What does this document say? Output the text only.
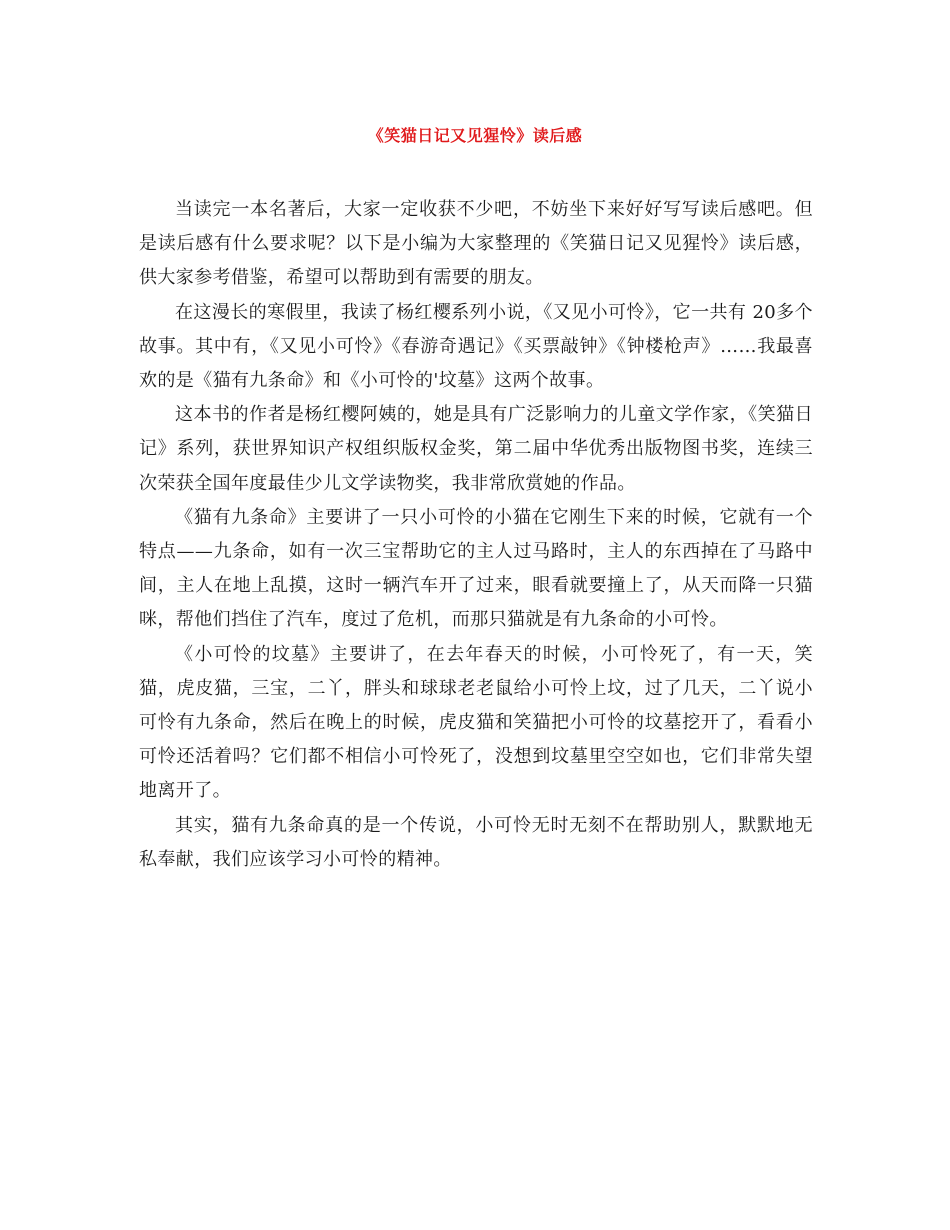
《笑猫日记又见猩怜》读后感

当读完一本名著后，大家一定收获不少吧，不妨坐下来好好写写读后感吧。但是读后感有什么要求呢？以下是小编为大家整理的《笑猫日记又见猩怜》读后感，供大家参考借鉴，希望可以帮助到有需要的朋友。

在这漫长的寒假里，我读了杨红樱系列小说，《又见小可怜》，它一共有 20多个故事。其中有，《又见小可怜》《春游奇遇记》《买票敲钟》《钟楼枪声》……我最喜欢的是《猫有九条命》和《小可怜的'坟墓》这两个故事。

这本书的作者是杨红樱阿姨的，她是具有广泛影响力的儿童文学作家，《笑猫日记》系列，获世界知识产权组织版权金奖，第二届中华优秀出版物图书奖，连续三次荣获全国年度最佳少儿文学读物奖，我非常欣赏她的作品。

《猫有九条命》主要讲了一只小可怜的小猫在它刚生下来的时候，它就有一个特点——九条命，如有一次三宝帮助它的主人过马路时，主人的东西掉在了马路中间，主人在地上乱摸，这时一辆汽车开了过来，眼看就要撞上了，从天而降一只猫咪，帮他们挡住了汽车，度过了危机，而那只猫就是有九条命的小可怜。

《小可怜的坟墓》主要讲了，在去年春天的时候，小可怜死了，有一天，笑猫，虎皮猫，三宝，二丫，胖头和球球老老鼠给小可怜上坟，过了几天，二丫说小可怜有九条命，然后在晚上的时候，虎皮猫和笑猫把小可怜的坟墓挖开了，看看小可怜还活着吗？它们都不相信小可怜死了，没想到坟墓里空空如也，它们非常失望地离开了。

其实，猫有九条命真的是一个传说，小可怜无时无刻不在帮助别人，默默地无私奉献，我们应该学习小可怜的精神。
